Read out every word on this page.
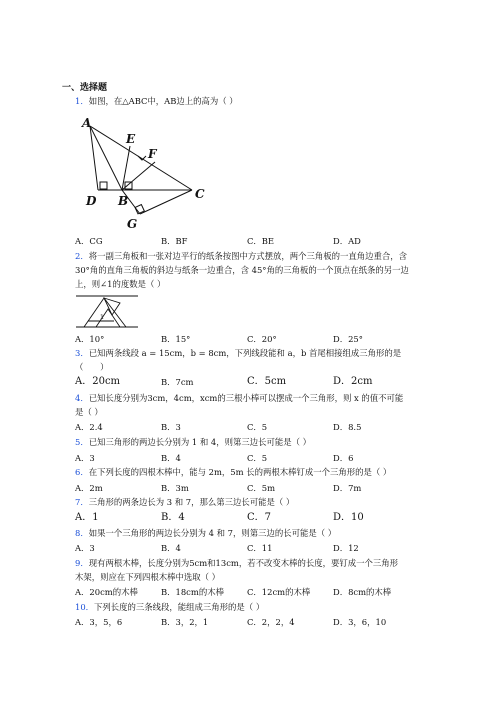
一、选择题
1．如图，在△ABC中，AB边上的高为（ ）
A
E
F
D B	C
G
A．CG	B．BF	C．BE	D．AD
2．将一副三角板和一张对边平行的纸条按图中方式摆放，两个三角板的一直角边重合，含
30°角的直角三角板的斜边与纸条一边重合，含 45°角的三角板的一个顶点在纸条的另一边
上，则∠1的度数是（ ）
1
A．10°	B．15°	C．20°	D．25°
3．已知两条线段 a = 15cm，b = 8cm，下列线段能和 a，b 首尾相接组成三角形的是
（　　）
A．20cm	B．7cm	C．5cm	D．2cm
4．已知长度分别为3cm，4cm，xcm的三根小棒可以摆成一个三角形，则 x 的值不可能
是（ ）
A．2.4	B．3	C．5	D．8.5
5．已知三角形的两边长分别为 1 和 4，则第三边长可能是（ ）
A．3	B．4	C．5	D．6
6．在下列长度的四根木棒中，能与 2m，5m 长的两根木棒钉成一个三角形的是（ ）
A．2m	B．3m	C．5m	D．7m
7．三角形的两条边长为 3 和 7，那么第三边长可能是（ ）
A．1	B．4	C．7	D．10
8．如果一个三角形的两边长分别为 4 和 7，则第三边的长可能是（ ）
A．3	B．4	C．11	D．12
9．现有两根木棒，长度分别为5cm和13cm，若不改变木棒的长度，要钉成一个三角形
木架，则应在下列四根木棒中选取（ ）
A．20cm的木棒	B．18cm的木棒	C．12cm的木棒	D．8cm的木棒
10．下列长度的三条线段，能组成三角形的是（ ）
A．3，5，6	B．3，2，1	C．2，2，4	D．3，6，10
